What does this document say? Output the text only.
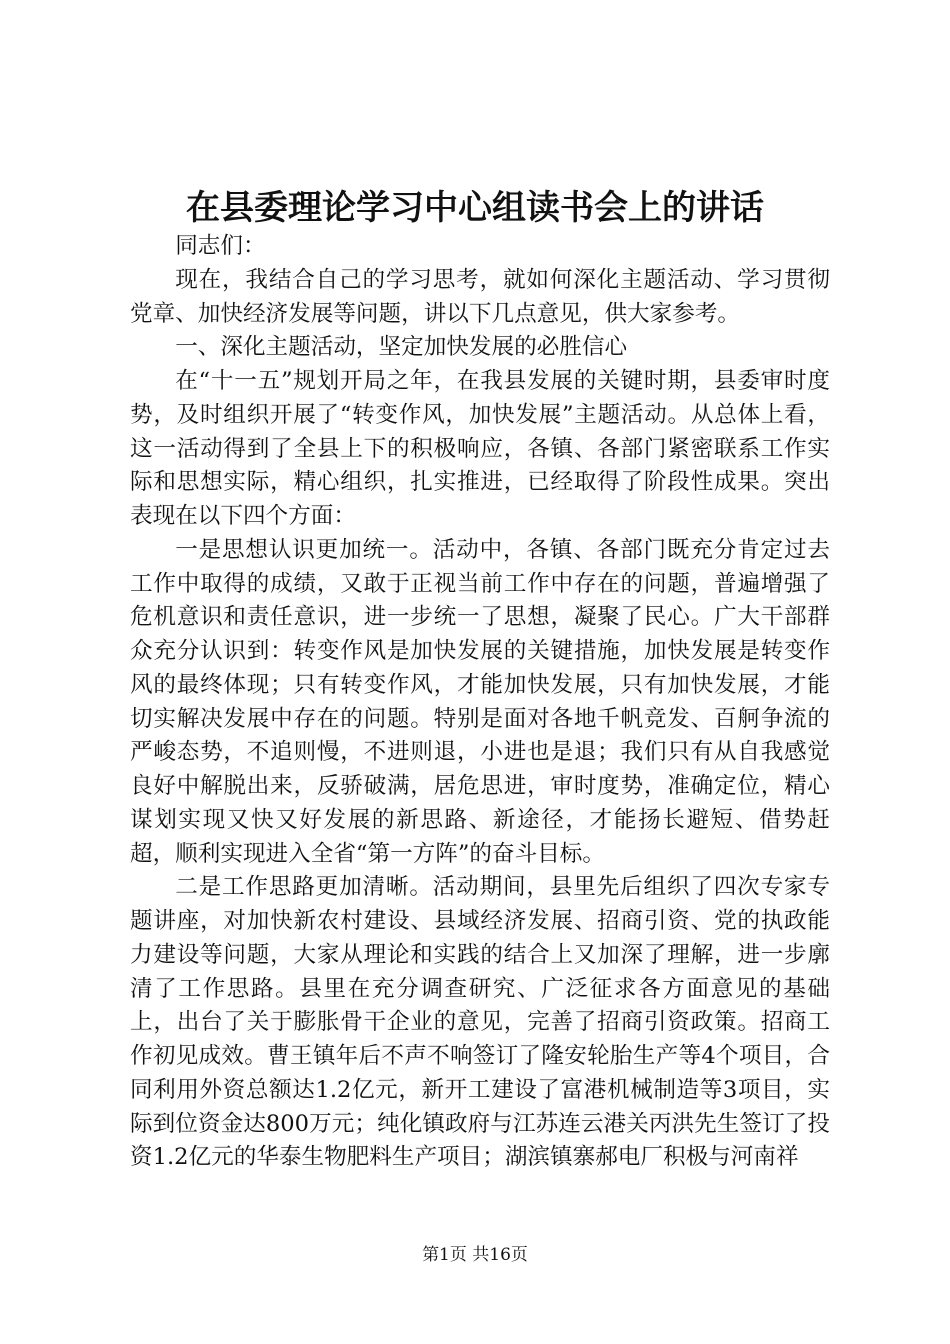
在县委理论学习中心组读书会上的讲话

同志们：

现在，我结合自己的学习思考，就如何深化主题活动、学习贯彻党章、加快经济发展等问题，讲以下几点意见，供大家参考。

一、深化主题活动，坚定加快发展的必胜信心

在“十一五”规划开局之年，在我县发展的关键时期，县委审时度势，及时组织开展了“转变作风，加快发展”主题活动。从总体上看，这一活动得到了全县上下的积极响应，各镇、各部门紧密联系工作实际和思想实际，精心组织，扎实推进，已经取得了阶段性成果。突出表现在以下四个方面：

一是思想认识更加统一。活动中，各镇、各部门既充分肯定过去工作中取得的成绩，又敢于正视当前工作中存在的问题，普遍增强了危机意识和责任意识，进一步统一了思想，凝聚了民心。广大干部群众充分认识到：转变作风是加快发展的关键措施，加快发展是转变作风的最终体现；只有转变作风，才能加快发展，只有加快发展，才能切实解决发展中存在的问题。特别是面对各地千帆竞发、百舸争流的严峻态势，不追则慢，不进则退，小进也是退；我们只有从自我感觉良好中解脱出来，反骄破满，居危思进，审时度势，准确定位，精心谋划实现又快又好发展的新思路、新途径，才能扬长避短、借势赶超，顺利实现进入全省“第一方阵”的奋斗目标。

二是工作思路更加清晰。活动期间，县里先后组织了四次专家专题讲座，对加快新农村建设、县域经济发展、招商引资、党的执政能力建设等问题，大家从理论和实践的结合上又加深了理解，进一步廓清了工作思路。县里在充分调查研究、广泛征求各方面意见的基础上，出台了关于膨胀骨干企业的意见，完善了招商引资政策。招商工作初见成效。曹王镇年后不声不响签订了隆安轮胎生产等4个项目，合同利用外资总额达1.2亿元，新开工建设了富港机械制造等3项目，实际到位资金达800万元；纯化镇政府与江苏连云港关丙洪先生签订了投资1.2亿元的华泰生物肥料生产项目；湖滨镇寨郝电厂积极与河南祥

第1页 共16页
